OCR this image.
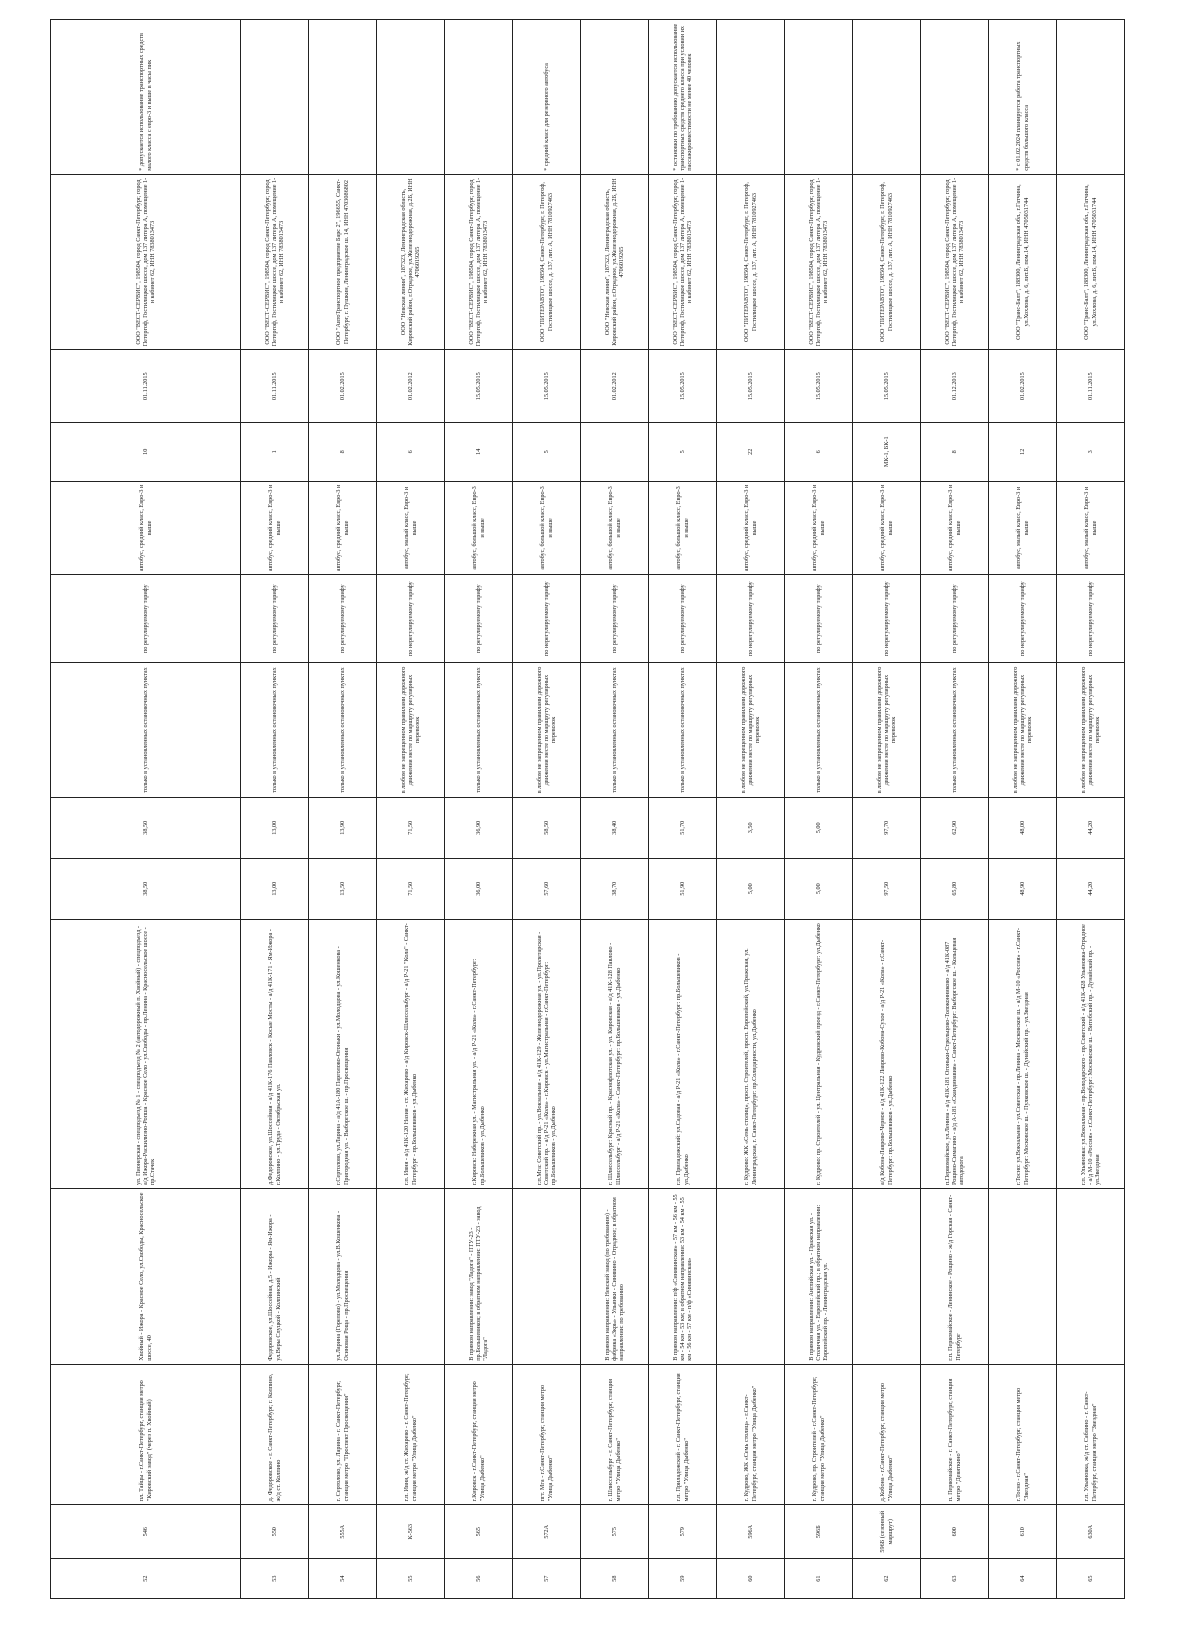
52	546	пл. Тайцы - г.Санкт-Петербург, станция метро "Кировский завод" (через п. Хвойный)	Хвойный - Ижора - Красное Село, ул.Свободы, Красносельское шоссе, 40	ул. Пионерская - спецподъезд № 1 - спецподъезд № 2 (автодорожный п. Хвойный) - спецподъезд - а/д Ижора-Раскилизно-Ропша - Красное Село - ул.Свободы - пр.Ленина - Красносельское шоссе - пр.Стачек	38,50	38,50	только в установленных остановочных пунктах	по регулируемому тарифу	автобус, средний класс, Евро-3 и выше	10	01.11.2015	ООО "ВЕСТ-СЕРВИС", 198504, город Санкт-Петербург, город Петергоф, Гостилицкое шоссе, дом 137 литера А, помещение 1-н кабинет 62, ИНН 7838013473	* допускается использование транспортных средств малого класса с евро-3 и выше в часы пик
53	550	д. Федоровское - г. Санкт-Петербург, г. Колпино, ж/д ст. Колпино	Федоровское, ул.Шоссейная, д.5 - Ижоры - Ям-Ижора - ул.Веры Слуцкой - Колпинский	д.Федоровское, ул.Шоссейная - а/д 41К-176 Павловск - Косые Мосты - а/д 41К-171 - Ям-Ижора - г.Колпино - ул.Труда - Октябрьская ул.	13,00	13,00	только в установленных остановочных пунктах	по регулируемому тарифу	автобус, средний класс, Евро-3 и выше	1	01.11.2015	ООО "ВЕСТ-СЕРВИС", 198504, город Санкт-Петербург, город Петергоф, Гостилицкое шоссе, дом 137 литера А, помещение 1-н кабинет 62, ИНН 7838013473	
54	555А	г. Сертолово, ул. Ларина - г. Санкт-Петербург, станция метро "Проспект Просвещения"	ул.Ларина (Горелово) - ул.Молодцова - ул.В.Кошенкова - Осиновая Роща - пр.Просвещения	г.Сертолово, ул.Ларина - а/д 41А-180 Парголово-Огоньки - ул.Молодцова - ул.Кошенкова - Пригородная ул. - Выборгское ш. - пр.Просвещения	13,50	13,90	только в установленных остановочных пунктах	по регулируемому тарифу	автобус, средний класс, Евро-3 и выше	8	01.02.2015	ООО "АвтоТранспортное предприятие Барс 2", 196655, Санкт-Петербург, г. Пушкин, Ленинградское ш. 14, ИНН 4703086802	
55	К-563	г.п. Ивня, ж/д ст. Жихарево - г. Санкт-Петербург, станция метро "Улица Дыбенко"		г.п. Ивня - а/д 41К-120 Назия - ст. Жихарево - а/д Кировск-Шлиссельбург - а/д Р-21 "Кола" - Санкт-Петербург - пр.Большевиков - ул.Дыбенко	71,50	71,50	в любом не запрещенном правилами дорожного движения месте по маршруту регулярных перевозок	по нерегулируемому тарифу	автобус, малый класс, Евро-3 и выше	6	01.02.2012	ООО "Невская линия", 187323, Ленинградская область, Кировский район, г.Отрадное, ул.Железнодорожная, д.2Б, ИНН 4706019265	
56	565	г.Кировск - г.Санкт-Петербург, станция метро "Улица Дыбенко"	В прямом направлении: завод "Ладога" - ПТУ-23 - пр.Большевиков; в обратном направлении: ПТУ-23 - завод "Ладога"	г.Кировск: Набережная ул. - Магистральная ул. - а/д Р-21 «Кола» - г.Санкт-Петербург: пр.Большевиков - ул.Дыбенко	36,00	36,90	только в установленных остановочных пунктах	по регулируемому тарифу	автобус, большой класс, Евро-3 и выше	14	15.05.2015	ООО "ВЕСТ-СЕРВИС", 198504, город Санкт-Петербург, город Петергоф, Гостилицкое шоссе, дом 137 литера А, помещение 1-н кабинет 62, ИНН 7838013473	
57	572А	пгт. Мга - г.Санкт-Петербург, станция метро "Улица Дыбенко"		г.п.Мга: Советский пр. - ул.Вокзальная - а/д 41К-129 - Железнодорожная ул. - ул.Пролетарская - Советский пр. - а/д Р-21 «Кола» - г.Кировск - ул.Магистральная - г.Санкт-Петербург: пр.Большевиков - ул.Дыбенко	57,60	58,50	в любом не запрещенном правилами дорожного движения месте по маршруту регулярных перевозок	по нерегулируемому тарифу	автобус, большой класс, Евро-3 и выше	5	15.05.2015	ООО "ПИТЕРАВТО", 198504, Санкт-Петербург, г. Петергоф, Гостилицкое шоссе, д. 137, лит. А, ИНН 7810927463	* средний класс для резервного автобуса
58	575	г. Шлиссельбург - г. Санкт-Петербург, станция метро "Улица Дыбенко"	В прямом направлении: Невский завод (по требованию) - фабрика «Зкрь» - Ульянки - Синявино - Отрадное; в обратном направлении: по требованию	г. Шлиссельбург: Красный пр. - Краснофлотская ул. - ул. Кировская - а/д 41К-128 Павлово - Шлиссельбург - а/д Р-21 «Кола» - Санкт-Петербург: пр.Большевиков - ул.Дыбенко	38,70	38,40	только в установленных остановочных пунктах	по регулируемому тарифу	автобус, большой класс, Евро-3 и выше		01.02.2012	ООО "Невская линия", 187323, Ленинградская область, Кировский район, г.Отрадное, ул.Железнодорожная, д.2Б, ИНН 4706019265	
59	579	г.п. Приладожский - г. Санкт-Петербург, станция метро "Улица Дыбенко"	В прямом направлении: п/ф «Синявинская» - 57 км - 56 км - 55 км - 54 км - 53 км; в обратном направлении: 53 км - 54 км - 55 км - 56 км - 57 км - п/ф «Синявинская»	г.п. Приладожский: ул.Садовая - а/д Р-21 «Кола» - г.Санкт-Петербург: пр.Большевиков - ул.Дыбенко	51,90	51,70	только в установленных остановочных пунктах	по регулируемому тарифу	автобус, большой класс, Евро-3 и выше	5	15.05.2015	ООО "ВЕСТ-СЕРВИС", 198504, город Санкт-Петербург, город Петергоф, Гостилицкое шоссе, дом 137 литера А, помещение 1-н кабинет 62, ИНН 7838013473	* остановки по требованию допускается использование транспортных средств среднего класса при условии их пассажировместимости не менее 40 человек
60	596А	г. Кудрово, ЖК «Семь столиц» - г.Санкт-Петербург, станция метро "Улица Дыбенко"		г. Кудрово: ЖК «Семь столиц», просп. Строителей, просп. Европейский, ул.Пражская, ул. Ленинградская, г. Санкт-Петербург: пр.Солидарности, ул.Дыбенко	5,00	3,50	в любом не запрещенном правилами дорожного движения месте по маршруту регулярных перевозок	по нерегулируемому тарифу	автобус, средний класс, Евро-3 и выше	22	15.05.2015	ООО "ПИТЕРАВТО", 198504, Санкт-Петербург, г. Петергоф, Гостилицкое шоссе, д. 137, лит. А, ИНН 7810927463	
61	596Б	г. Кудрово, пр. Строителей - г.Санкт-Петербург, станция метро "Улица Дыбенко"	В прямом направлении: Английская ул. - Пражская ул. - Столичная ул. - Европейский пр.; в обратном направлении: Европейский пр. - Ленинградская ул.	г. Кудрово: пр. Строителей - ул. Центральная - Кудровский проезд - г.Санкт-Петербург: ул.Дыбенко	5,00	5,00	только в установленных остановочных пунктах	по регулируемому тарифу	автобус, средний класс, Евро-3 и выше	6	15.05.2015	ООО "ВЕСТ-СЕРВИС", 198504, город Санкт-Петербург, город Петергоф, Гостилицкое шоссе, дом 137 литера А, помещение 1-н кабинет 62, ИНН 7838013473	
62	596Б (сезонный маршрут)	д.Кобона - г.Санкт-Петербург, станция метро "Улица Дыбенко"		а/д Кобона-Лаврово-Черное - а/д 41К-122 Лаврово-Кобона-Сухое - а/д Р-21 «Кола» - г.Санкт-Петербург: пр.Большевиков - ул.Дыбенко	97,50	97,70	в любом не запрещенном правилами дорожного движения месте по маршруту регулярных перевозок	по нерегулируемому тарифу	автобус, средний класс, Евро-3 и выше	МК-1, БК-1	15.05.2015	ООО "ПИТЕРАВТО", 198504, Санкт-Петербург, г. Петергоф, Гостилицкое шоссе, д. 137, лит. А, ИНН 7810927463	
63	600	п. Первомайское - г. Санкт-Петербург, станция метро "Девяткино"	г.п. Первомайское - Ленинское - Рощино - ж/д Горская - Санкт-Петербург	п.Первомайское, ул.Ленина - а/д 41К-181 Огоньки-Стрельцово-Толоконниково - а/д 41К-087 Рощино-Симагино - а/д А-181 «Скандинавия» - Санкт-Петербург: Выборгское ш. - Кольцевая автодорога	65,80	62,90	только в установленных остановочных пунктах	по регулируемому тарифу	автобус, средний класс, Евро-3 и выше	8	01.12.2013	ООО "ВЕСТ-СЕРВИС", 198504, город Санкт-Петербург, город Петергоф, Гостилицкое шоссе, дом 137 литера А, помещение 1-н кабинет 62, ИНН 7838013473	
64	610	г.Тосно - г.Санкт-Петербург, станция метро "Звездная"		г.Тосно: ул.Вокзальная - ул.Советская - пр.Ленина - Московское ш. - а/д М-10 «Россия» - г.Санкт-Петербург: Московское ш. - Пулковское ш. - Дунайский пр. - ул.Звездная	48,90	48,00	в любом не запрещенном правилами дорожного движения месте по маршруту регулярных перевозок	по нерегулируемому тарифу	автобус, малый класс, Евро-3 и выше	12	01.02.2015	ООО "Транс-Балт", 188300, Ленинградская обл., г.Гатчина, ул.Хохлова, д. 6, лит.Б, пом.14, ИНН 4705031744	* с 01.02.2024 планируется работа транспортных средств большого класса
65	630А	г.п. Ульяновка, ж/д ст. Саблино - г. Санкт-Петербург, станция метро "Звездная"		г.п. Ульяновка: ул.Вокзальная - пр.Володарского - пр.Советский - а/д 41К-428 Ульяновка-Отрадное - а/д М-10 «Россия» - г.Санкт-Петербург: Московское ш. - Витебский пр. - Дунайский пр. - ул.Звездная	44,20	44,20	в любом не запрещенном правилами дорожного движения месте по маршруту регулярных перевозок	по нерегулируемому тарифу	автобус, малый класс, Евро-3 и выше	3	01.11.2015	ООО "Транс-Балт", 188300, Ленинградская обл., г.Гатчина, ул.Хохлова, д. 6, лит.Б, пом.14, ИНН 4705031744	
